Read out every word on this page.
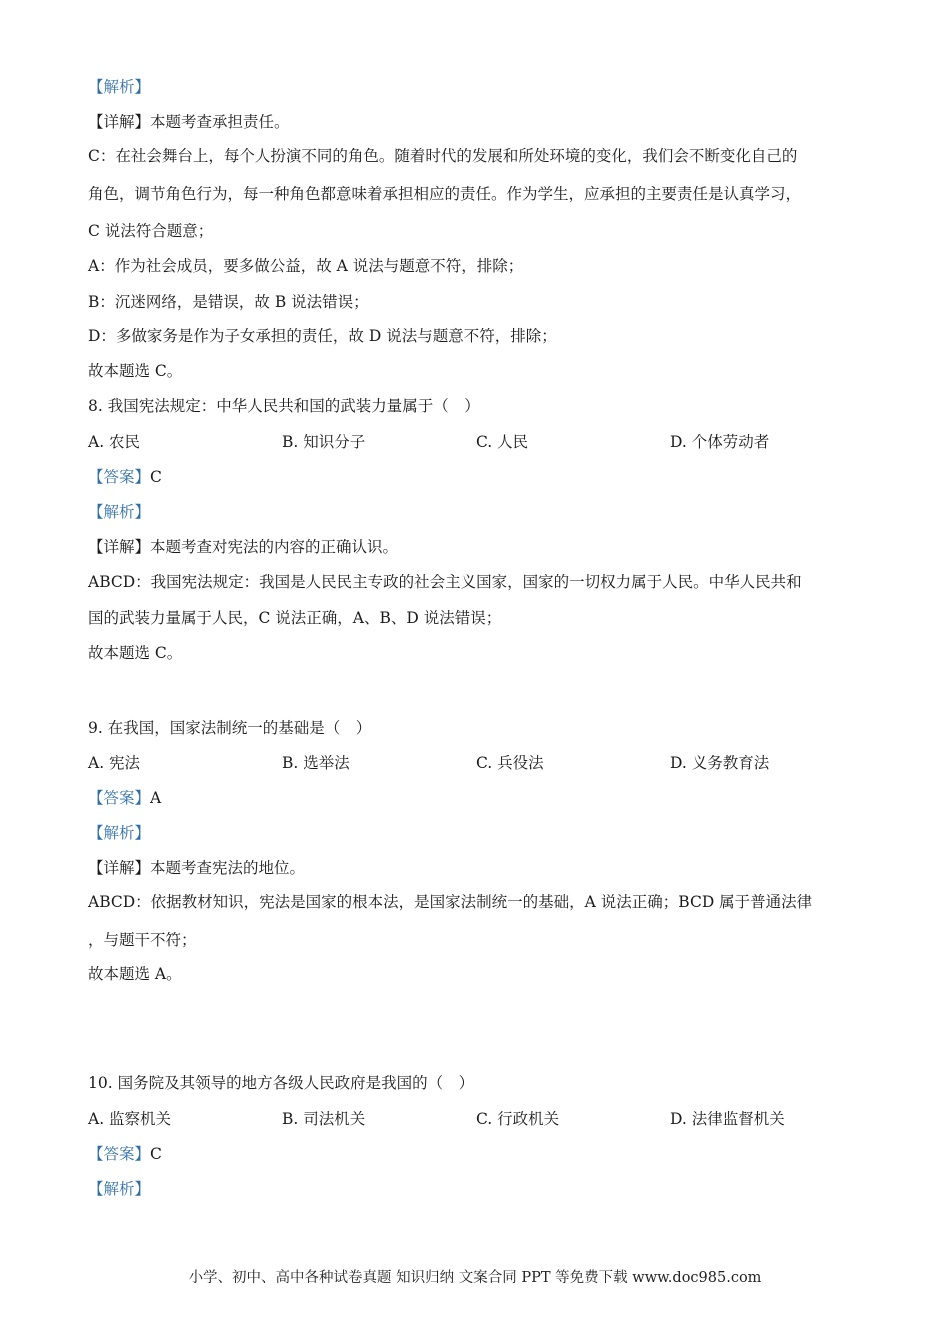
【解析】
【详解】本题考查承担责任。
C：在社会舞台上，每个人扮演不同的角色。随着时代的发展和所处环境的变化，我们会不断变化自己的
角色，调节角色行为，每一种角色都意味着承担相应的责任。作为学生，应承担的主要责任是认真学习，
C 说法符合题意；
A：作为社会成员，要多做公益，故 A 说法与题意不符，排除；
B：沉迷网络，是错误，故 B 说法错误；
D：多做家务是作为子女承担的责任，故 D 说法与题意不符，排除；
故本题选 C。
8. 我国宪法规定：中华人民共和国的武装力量属于（　）
A. 农民	B. 知识分子	C. 人民	D. 个体劳动者
【答案】C
【解析】
【详解】本题考查对宪法的内容的正确认识。
ABCD：我国宪法规定：我国是人民民主专政的社会主义国家，国家的一切权力属于人民。中华人民共和
国的武装力量属于人民，C 说法正确，A、B、D 说法错误；
故本题选 C。
9. 在我国，国家法制统一的基础是（　）
A. 宪法	B. 选举法	C. 兵役法	D. 义务教育法
【答案】A
【解析】
【详解】本题考查宪法的地位。
ABCD：依据教材知识，宪法是国家的根本法，是国家法制统一的基础，A 说法正确；BCD 属于普通法律
，与题干不符；
故本题选 A。
10. 国务院及其领导的地方各级人民政府是我国的（　）
A. 监察机关	B. 司法机关	C. 行政机关	D. 法律监督机关
【答案】C
【解析】
小学、初中、高中各种试卷真题 知识归纳 文案合同 PPT 等免费下载 www.doc985.com
